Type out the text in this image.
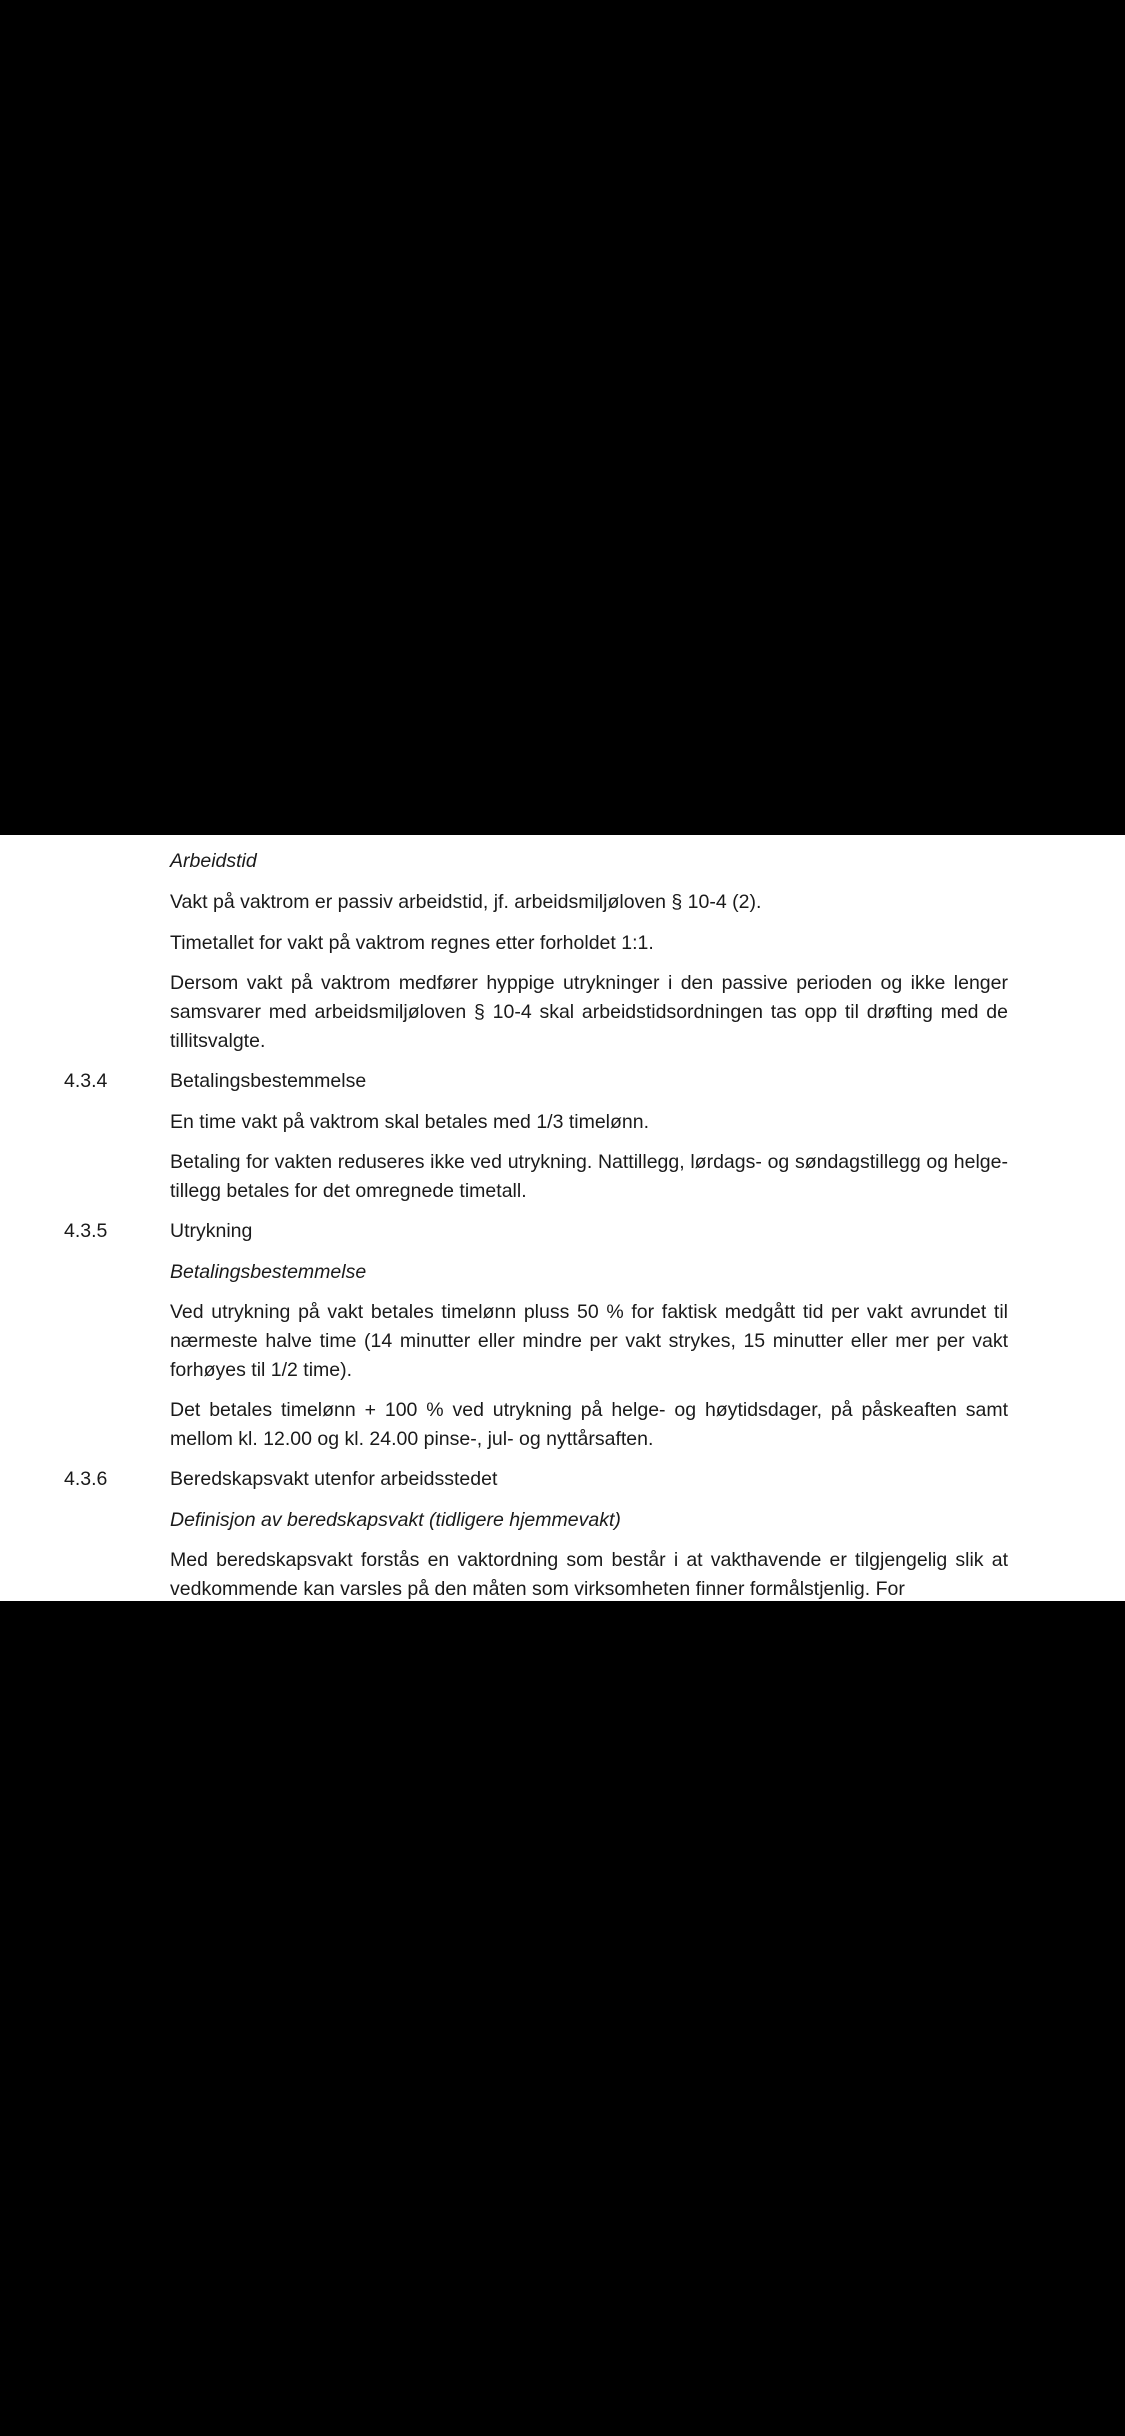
Arbeidstid

Vakt på vaktrom er passiv arbeidstid, jf. arbeidsmiljøloven § 10-4 (2).

Timetallet for vakt på vaktrom regnes etter forholdet 1:1.

Dersom vakt på vaktrom medfører hyppige utrykninger i den passive perioden og ikke lenger samsvarer med arbeidsmiljøloven § 10-4 skal arbeidstidsordningen tas opp til drøfting med de tillitsvalgte.

4.3.4	Betalingsbestemmelse

En time vakt på vaktrom skal betales med 1/3 timelønn.

Betaling for vakten reduseres ikke ved utrykning. Nattillegg, lørdags- og søndagstillegg og helge-tillegg betales for det omregnede timetall.

4.3.5	Utrykning

Betalingsbestemmelse

Ved utrykning på vakt betales timelønn pluss 50 % for faktisk medgått tid per vakt avrundet til nærmeste halve time (14 minutter eller mindre per vakt strykes, 15 minutter eller mer per vakt forhøyes til 1/2 time).

Det betales timelønn + 100 % ved utrykning på helge- og høytidsdager, på påskeaften samt mellom kl. 12.00 og kl. 24.00 pinse-, jul- og nyttårsaften.

4.3.6	Beredskapsvakt utenfor arbeidsstedet

Definisjon av beredskapsvakt (tidligere hjemmevakt)

Med beredskapsvakt forstås en vaktordning som består i at vakthavende er tilgjengelig slik at vedkommende kan varsles på den måten som virksomheten finner formålstjenlig. For
